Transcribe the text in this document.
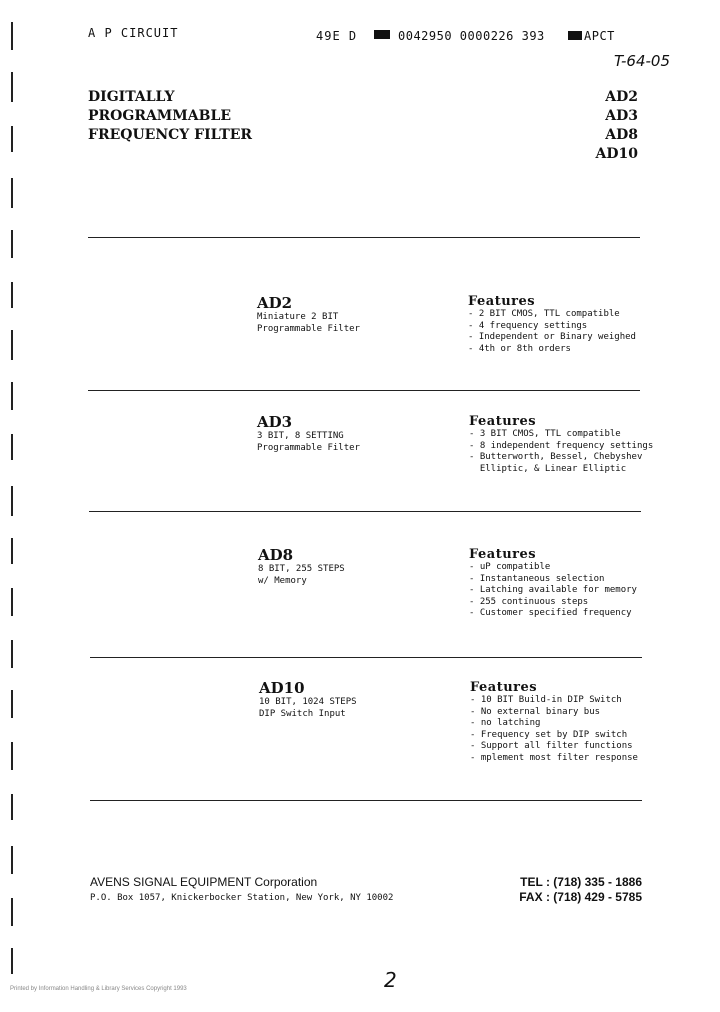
A P CIRCUIT	49E D	0042950 0000226 393	APCT
T-64-05
DIGITALLY
PROGRAMMABLE
FREQUENCY FILTER
AD2
AD3
AD8
AD10
AD2
Miniature 2 BIT
Programmable Filter
Features
- 2 BIT CMOS, TTL compatible
- 4 frequency settings
- Independent or Binary weighed
- 4th or 8th orders
AD3
3 BIT, 8 SETTING
Programmable Filter
Features
- 3 BIT CMOS, TTL compatible
- 8 independent frequency settings
- Butterworth, Bessel, Chebyshev
Elliptic, & Linear Elliptic
AD8
8 BIT, 255 STEPS
w/ Memory
Features
- uP compatible
- Instantaneous selection
- Latching available for memory
- 255 continuous steps
- Customer specified frequency
AD10
10 BIT, 1024 STEPS
DIP Switch Input
Features
- 10 BIT Build-in DIP Switch
- No external binary bus
- no latching
- Frequency set by DIP switch
- Support all filter functions
- mplement most filter response
AVENS SIGNAL EQUIPMENT Corporation
P.O. Box 1057, Knickerbocker Station, New York, NY 10002
TEL : (718) 335 - 1886
FAX : (718) 429 - 5785
2
Printed by Information Handling & Library Services Copyright 1993
